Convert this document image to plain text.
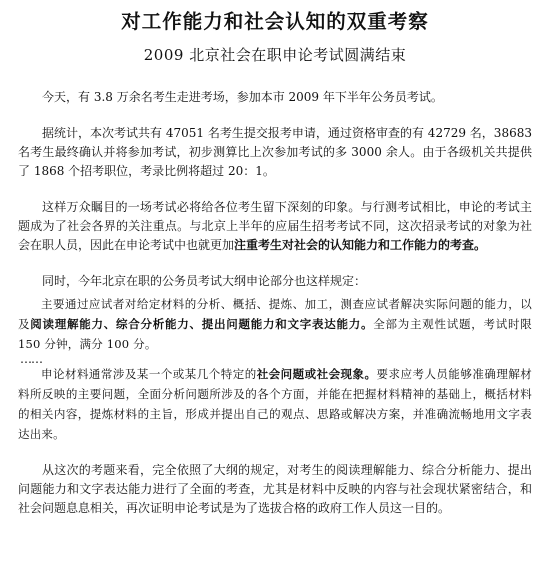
对工作能力和社会认知的双重考察
2009 北京社会在职申论考试圆满结束

今天，有 3.8 万余名考生走进考场，参加本市 2009 年下半年公务员考试。

据统计，本次考试共有 47051 名考生提交报考申请，通过资格审查的有 42729 名，38683 名考生最终确认并将参加考试，初步测算比上次参加考试的多 3000 余人。由于各级机关共提供了 1868 个招考职位，考录比例将超过 20：1。

这样万众瞩目的一场考试必将给各位考生留下深刻的印象。与行测考试相比，申论的考试主题成为了社会各界的关注重点。与北京上半年的应届生招考考试不同，这次招录考试的对象为社会在职人员，因此在申论考试中也就更加注重考生对社会的认知能力和工作能力的考查。

同时，今年北京在职的公务员考试大纲申论部分也这样规定：

主要通过应试者对给定材料的分析、概括、提炼、加工，测查应试者解决实际问题的能力，以及阅读理解能力、综合分析能力、提出问题能力和文字表达能力。全部为主观性试题，考试时限 150 分钟，满分 100 分。

……

申论材料通常涉及某一个或某几个特定的社会问题或社会现象。要求应考人员能够准确理解材料所反映的主要问题，全面分析问题所涉及的各个方面，并能在把握材料精神的基础上，概括材料的相关内容，提炼材料的主旨，形成并提出自己的观点、思路或解决方案，并准确流畅地用文字表达出来。

从这次的考题来看，完全依照了大纲的规定，对考生的阅读理解能力、综合分析能力、提出问题能力和文字表达能力进行了全面的考查，尤其是材料中反映的内容与社会现状紧密结合，和社会问题息息相关，再次证明申论考试是为了选拔合格的政府工作人员这一目的。
